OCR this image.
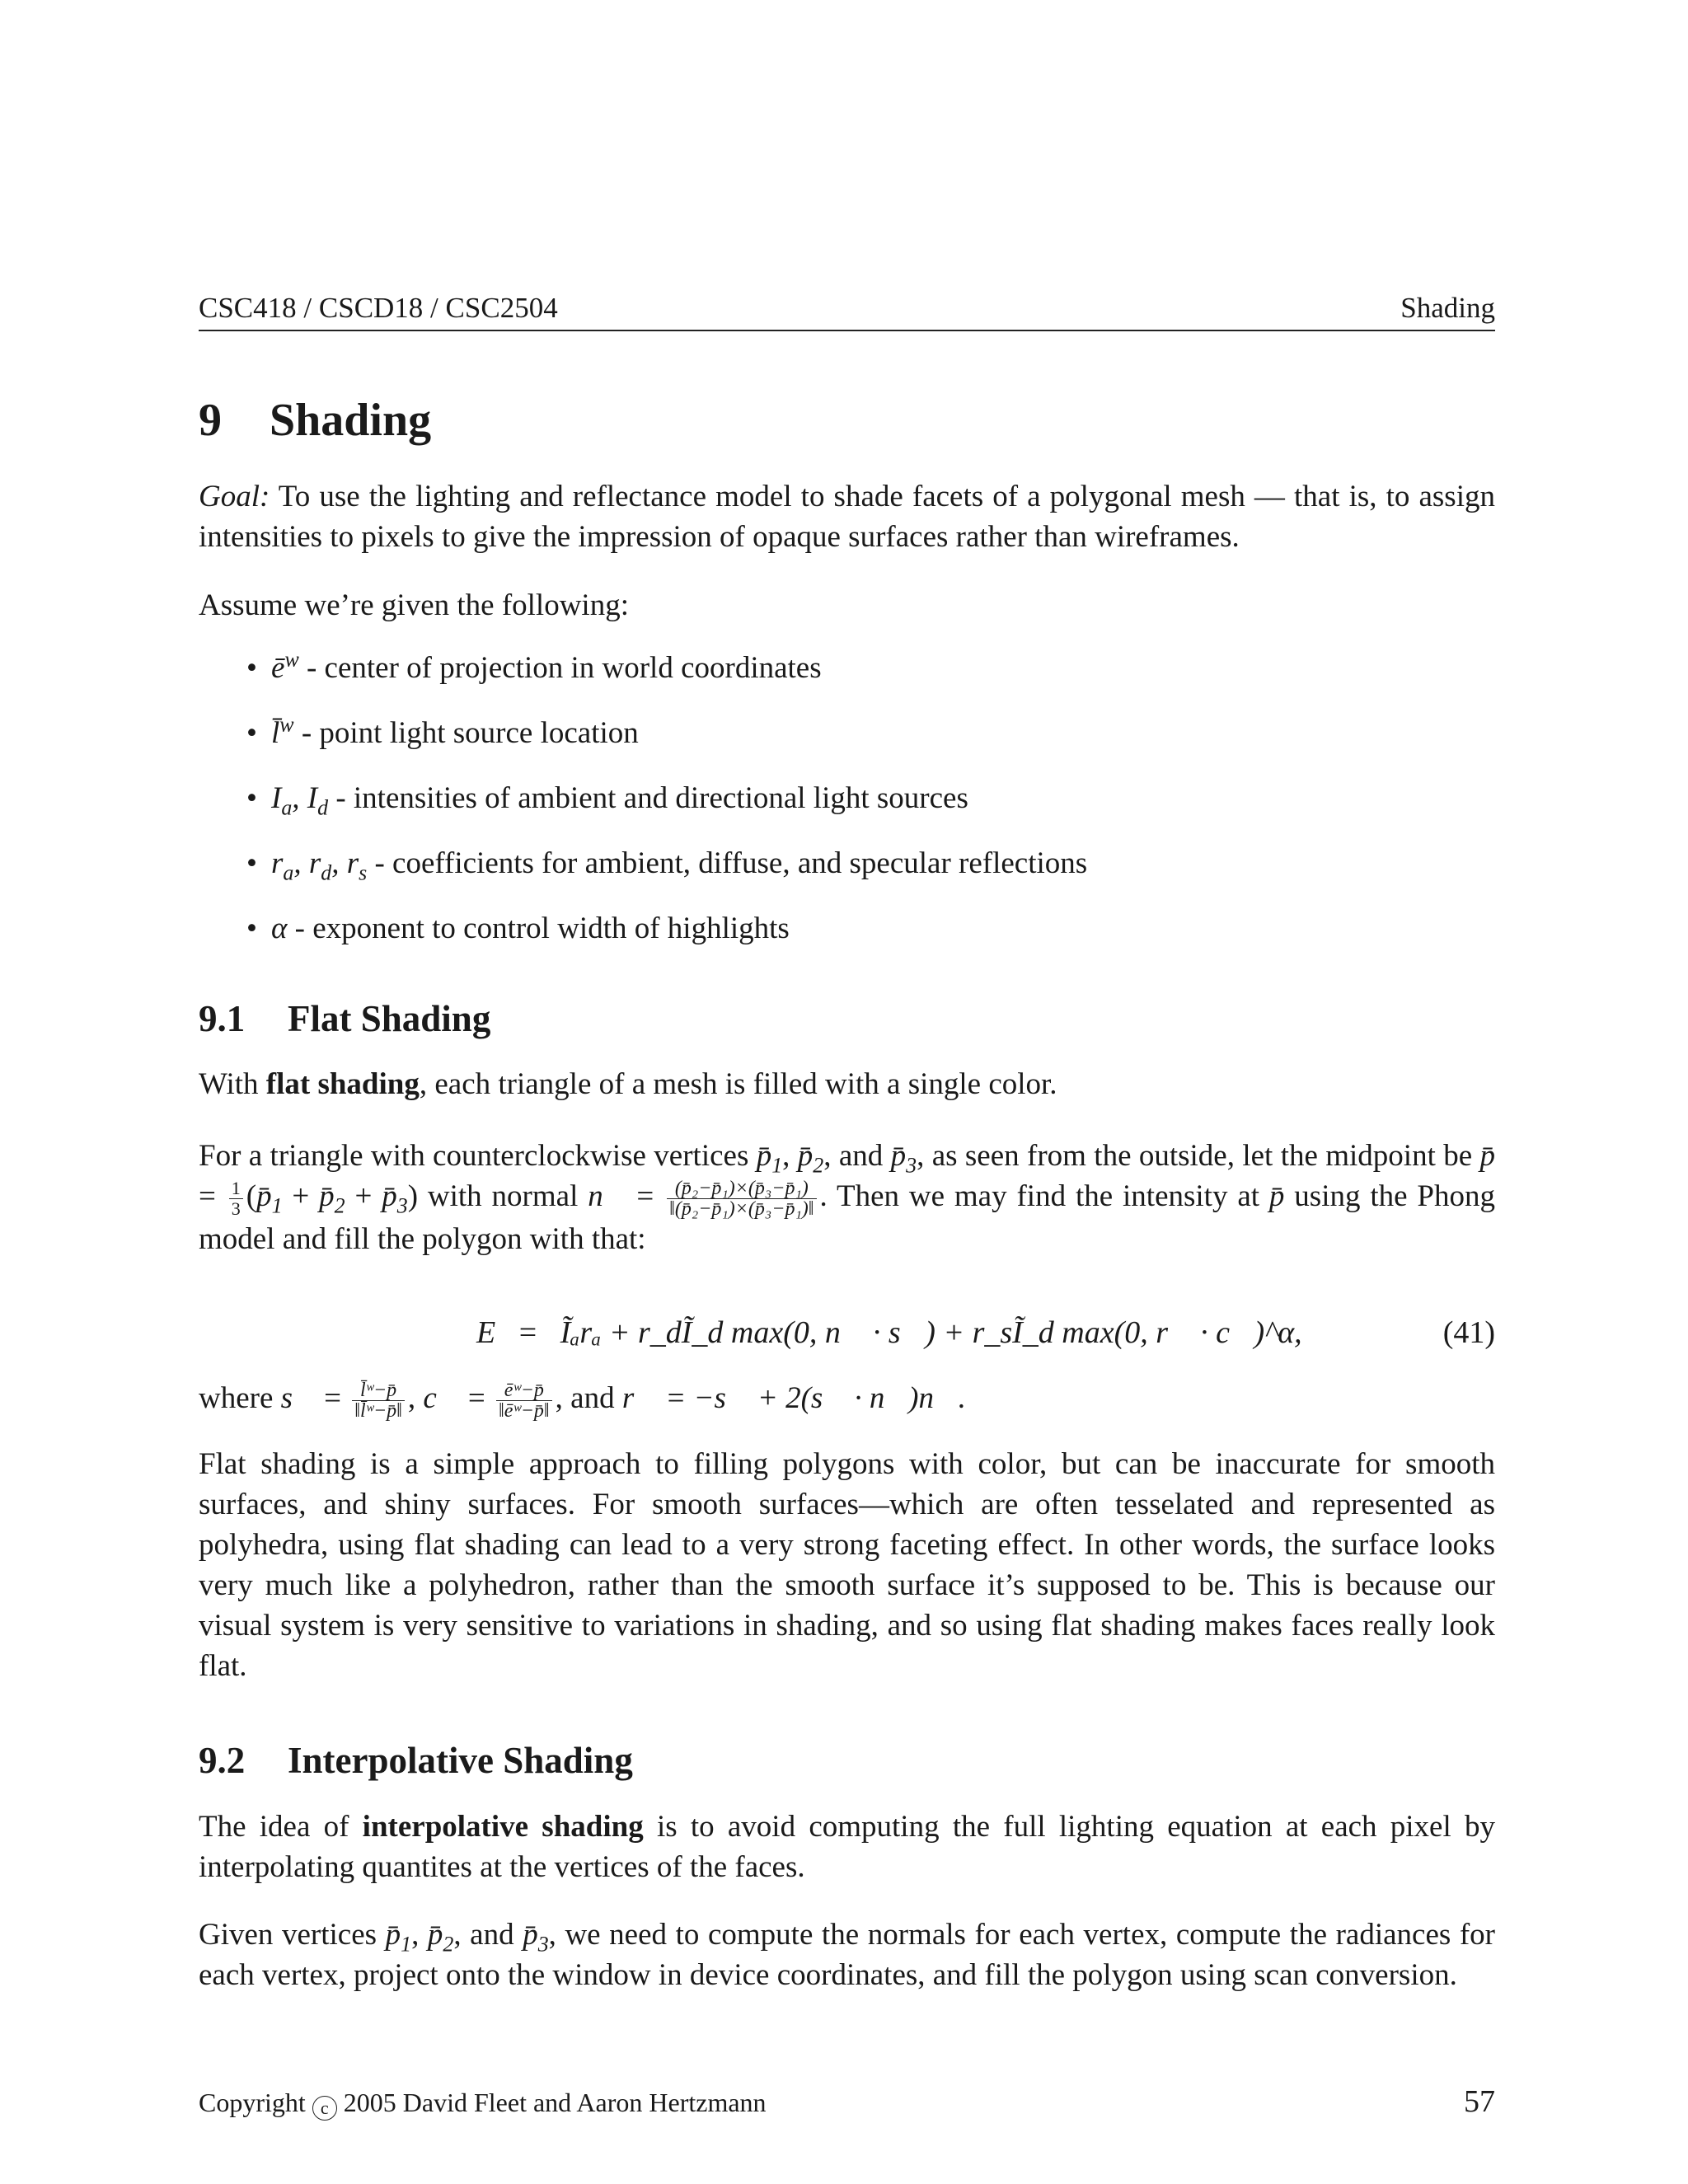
CSC418 / CSCD18 / CSC2504	Shading
9 Shading

Goal: To use the lighting and reflectance model to shade facets of a polygonal mesh — that is, to assign intensities to pixels to give the impression of opaque surfaces rather than wireframes.

Assume we’re given the following:

• $ē^w$ - center of projection in world coordinates
• l̄$^w$ - point light source location
• $I_a$, $I_d$ - intensities of ambient and directional light sources
• $r_a$, $r_d$, $r_s$ - coefficients for ambient, diffuse, and specular reflections
• α - exponent to control width of highlights
9.1 Flat Shading

With flat shading, each triangle of a mesh is filled with a single color.

For a triangle with counterclockwise vertices $p̄_1$, $p̄_2$, and $p̄_3$, as seen from the outside, let the midpoint be p̄ = $\frac{1}{3}$ ($p̄_1$ + $p̄_2$ + $p̄_3$) with normal n⃗ = $\frac{\text{(p̄₂−p̄₁)×(p̄₃−p̄₁)}}{\text{‖(p̄₂−p̄₁)×(p̄₃−p̄₁)‖}}$ . Then we may find the intensity at p̄ using the Phong model and fill the polygon with that:

E = Ĩₐrₐ + r_dĨ_d max(0, n⃗ · s⃗) + r_sĨ_d max(0, r⃗ · c⃗)^α,	(41)

where s⃗ = $\frac{\text{l̄ʷ−p̄}}{\text{‖l̄ʷ−p̄‖}}$ , c⃗ = $\frac{\text{ēʷ−p̄}}{\text{‖ēʷ−p̄‖}}$ , and r⃗ = −s⃗ + 2(s⃗ · n⃗)n⃗.

Flat shading is a simple approach to filling polygons with color, but can be inaccurate for smooth surfaces, and shiny surfaces. For smooth surfaces—which are often tesselated and represented as polyhedra, using flat shading can lead to a very strong faceting effect. In other words, the surface looks very much like a polyhedron, rather than the smooth surface it’s supposed to be. This is because our visual system is very sensitive to variations in shading, and so using flat shading makes faces really look flat.

9.2 Interpolative Shading

The idea of interpolative shading is to avoid computing the full lighting equation at each pixel by interpolating quantites at the vertices of the faces.

Given vertices $p̄_1$, $p̄_2$, and $p̄_3$, we need to compute the normals for each vertex, compute the radiances for each vertex, project onto the window in device coordinates, and fill the polygon using scan conversion.

Copyright c 2005 David Fleet and Aaron Hertzmann	57
